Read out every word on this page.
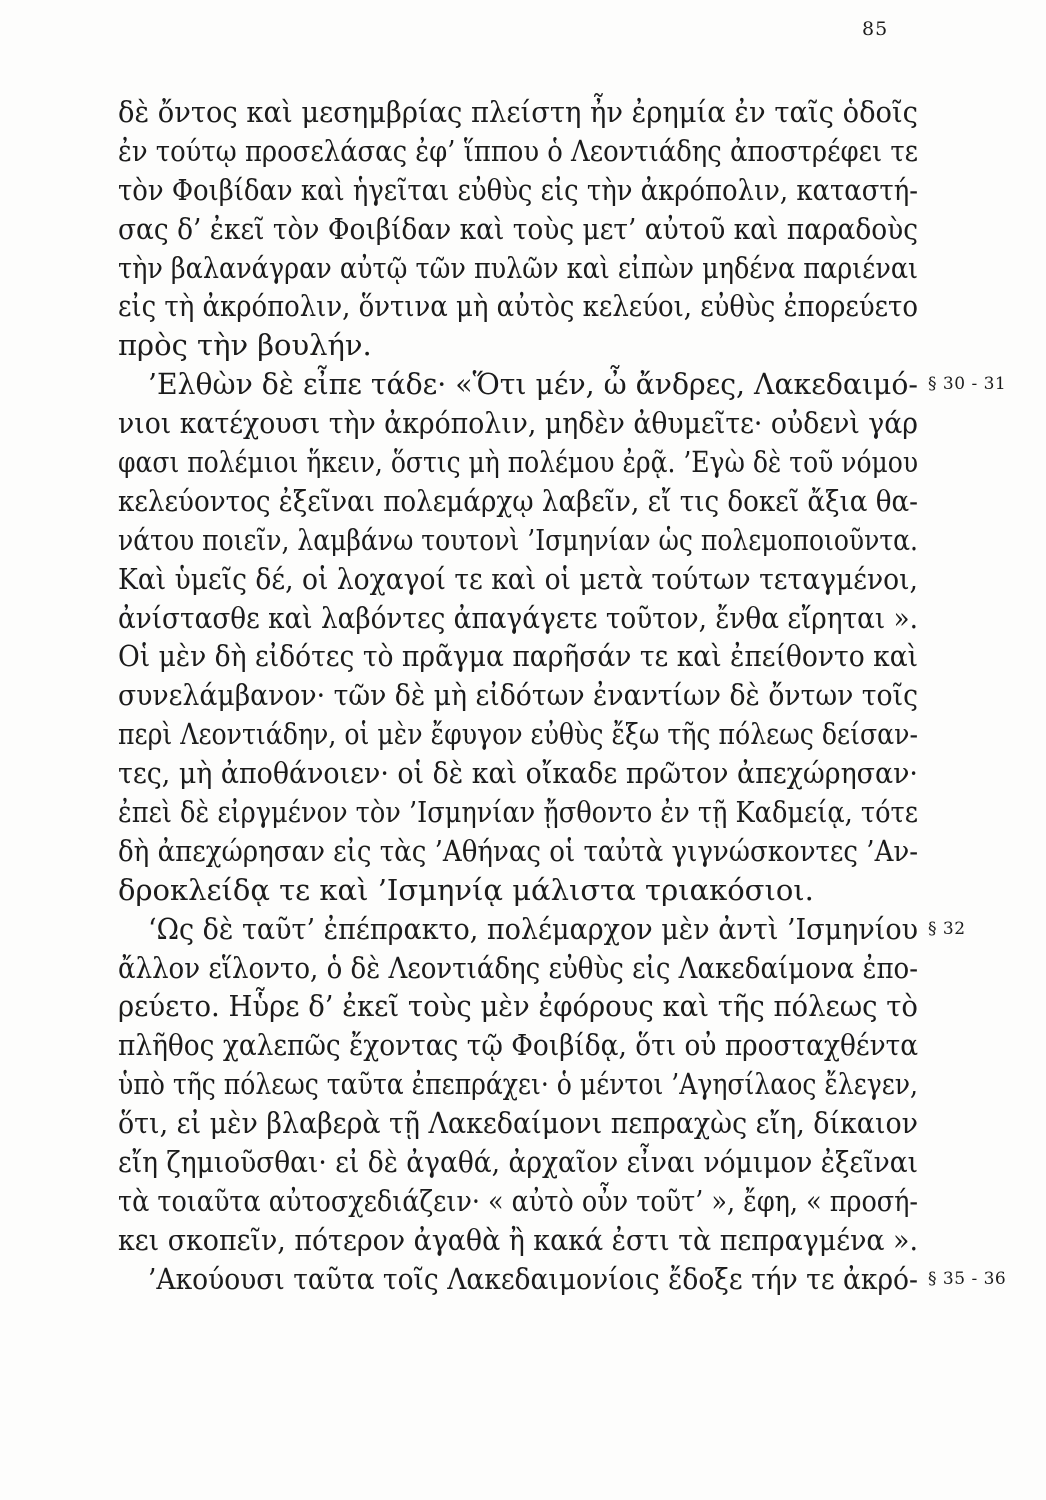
85
δὲ ὄντος καὶ μεσημβρίας πλείστη ἦν ἐρημία ἐν ταῖς ὁδοῖς
ἐν τούτῳ προσελάσας ἐφ’ ἵππου ὁ Λεοντιάδης ἀποστρέφει τε
τὸν Φοιβίδαν καὶ ἡγεῖται εὐθὺς εἰς τὴν ἀκρόπολιν, καταστή-
σας δ’ ἐκεῖ τὸν Φοιβίδαν καὶ τοὺς μετ’ αὐτοῦ καὶ παραδοὺς
τὴν βαλανάγραν αὐτῷ τῶν πυλῶν καὶ εἰπὼν μηδένα παριέναι
εἰς τὴ ἀκρόπολιν, ὅντινα μὴ αὐτὸς κελεύοι, εὐθὺς ἐπορεύετο
πρὸς τὴν βουλήν.
’Ελθὼν δὲ εἶπε τάδε· «Ὅτι μέν, ὦ ἄνδρες, Λακεδαιμό- § 30 - 31
νιοι κατέχουσι τὴν ἀκρόπολιν, μηδὲν ἀθυμεῖτε· οὐδενὶ γάρ
φασι πολέμιοι ἥκειν, ὅστις μὴ πολέμου ἐρᾷ. ’Εγὼ δὲ τοῦ νόμου
κελεύοντος ἐξεῖναι πολεμάρχῳ λαβεῖν, εἴ τις δοκεῖ ἄξια θα-
νάτου ποιεῖν, λαμβάνω τουτονὶ ’Ισμηνίαν ὡς πολεμοποιοῦντα.
Καὶ ὑμεῖς δέ, οἱ λοχαγοί τε καὶ οἱ μετὰ τούτων τεταγμένοι,
ἀνίστασθε καὶ λαβόντες ἀπαγάγετε τοῦτον, ἔνθα εἴρηται ».
Οἱ μὲν δὴ εἰδότες τὸ πρᾶγμα παρῆσάν τε καὶ ἐπείθοντο καὶ
συνελάμβανον· τῶν δὲ μὴ εἰδότων ἐναντίων δὲ ὄντων τοῖς
περὶ Λεοντιάδην, οἱ μὲν ἔφυγον εὐθὺς ἔξω τῆς πόλεως δείσαν-
τες, μὴ ἀποθάνοιεν· οἱ δὲ καὶ οἴκαδε πρῶτον ἀπεχώρησαν·
ἐπεὶ δὲ εἰργμένον τὸν ’Ισμηνίαν ᾔσθοντο ἐν τῇ Καδμείᾳ, τότε
δὴ ἀπεχώρησαν εἰς τὰς ’Αθήνας οἱ ταὐτὰ γιγνώσκοντες ’Αν-
δροκλείδᾳ τε καὶ ’Ισμηνίᾳ μάλιστα τριακόσιοι.
‘Ως δὲ ταῦτ’ ἐπέπρακτο, πολέμαρχον μὲν ἀντὶ ’Ισμηνίου § 32
ἄλλον εἵλοντο, ὁ δὲ Λεοντιάδης εὐθὺς εἰς Λακεδαίμονα ἐπο-
ρεύετο. Ηὗρε δ’ ἐκεῖ τοὺς μὲν ἐφόρους καὶ τῆς πόλεως τὸ
πλῆθος χαλεπῶς ἔχοντας τῷ Φοιβίδᾳ, ὅτι οὐ προσταχθέντα
ὑπὸ τῆς πόλεως ταῦτα ἐπεπράχει· ὁ μέντοι ’Αγησίλαος ἔλεγεν,
ὅτι, εἰ μὲν βλαβερὰ τῇ Λακεδαίμονι πεπραχὼς εἴη, δίκαιον
εἴη ζημιοῦσθαι· εἰ δὲ ἀγαθά, ἀρχαῖον εἶναι νόμιμον ἐξεῖναι
τὰ τοιαῦτα αὐτοσχεδιάζειν· « αὐτὸ οὖν τοῦτ’ », ἔφη, « προσή-
κει σκοπεῖν, πότερον ἀγαθὰ ἢ κακά ἐστι τὰ πεπραγμένα ».
’Ακούουσι ταῦτα τοῖς Λακεδαιμονίοις ἔδοξε τήν τε ἀκρό- § 35 - 36
